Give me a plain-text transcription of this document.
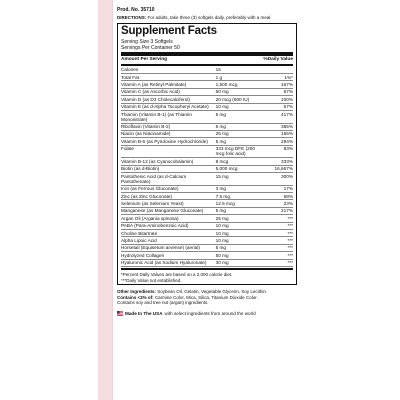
Prod. No. 35710
DIRECTIONS: For adults, take three (3) softgels daily, preferably with a meal.
Supplement Facts
Serving Size 3 Softgels
Servings Per Container 50
Amount Per Serving	%Daily Value
Calories	15	
Total Fat	1 g	1%*
Vitamin A (as Retinyl Palmitate)	1,500 mcg	167%
Vitamin C (as Ascorbic Acid)	60 mg	67%
Vitamin D (as D3 Cholecalciferol)	20 mcg (800 IU)	100%
Vitamin E (as d-Alpha Tocopheryl Acetate)	10 mg	67%
Thiamin (Vitamin B-1) (as Thiamin Mononitrate)	5 mg	417%
Riboflavin (Vitamin B-2)	5 mg	385%
Niacin (as Niacinamide)	25 mg	156%
Vitamin B-6 (as Pyridoxine Hydrochloride)	5 mg	294%
Folate	333 mcg DFE (200 mcg folic acid)	83%
Vitamin B-12 (as Cyanocobalamin)	8 mcg	333%
Biotin (as d-Biotin)	5,000 mcg	16,667%
Pantothenic Acid (as d-Calcium Pantothenate)	15 mg	300%
Iron (as Ferrous Gluconate)	3 mg	17%
Zinc (as Zinc Gluconate)	7.5 mg	68%
Selenium (as Selenium Yeast)	12.5 mcg	23%
Manganese (as Manganese Gluconate)	5 mg	217%
Argan Oil (Argania spinosa)	25 mg	***
PABA (Para-Aminobenzoic Acid)	10 mg	***
Choline Bitartrate	10 mg	***
Alpha Lipoic Acid	10 mg	***
Horsetail (Equisetum arvense) (aerial)	5 mg	***
Hydrolyzed Collagen	50 mg	***
Hyaluronic Acid (as Sodium Hyaluronate)	30 mg	***
*Percent Daily Values are based on a 2,000 calorie diet.
***Daily Value not established.
Other Ingredients: Soybean Oil, Gelatin, Vegetable Glycerin, Soy Lecithin.
Contains <2% of: Carmine Color, Mica, Silica, Titanium Dioxide Color.
Contains soy and tree nut (argan) ingredients.
Made In The USA with select ingredients from around the world
